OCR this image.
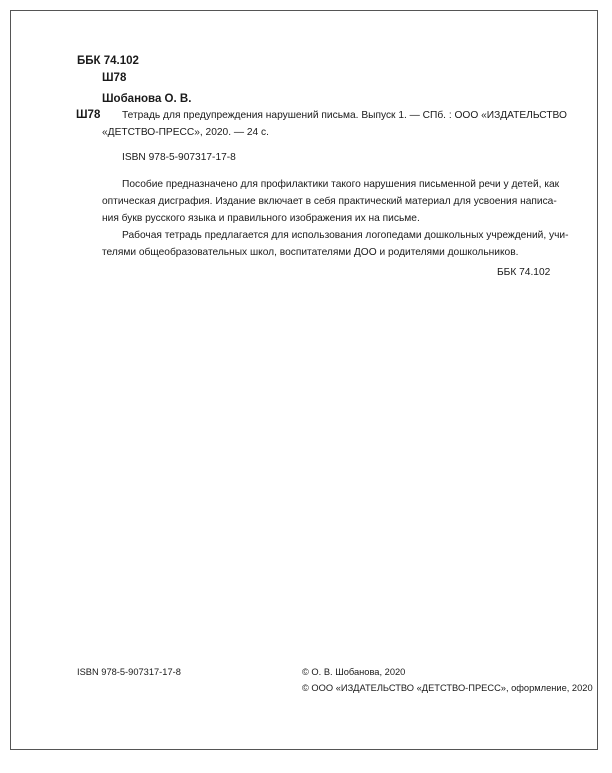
ББК 74.102
Ш78
Ш78
Шобанова О. В.
Тетрадь для предупреждения нарушений письма. Выпуск 1. — СПб. : ООО «ИЗДАТЕЛЬСТВО
«ДЕТСТВО-ПРЕСС», 2020. — 24 с.
ISBN 978-5-907317-17-8
Пособие предназначено для профилактики такого нарушения письменной речи у детей, как
оптическая дисграфия. Издание включает в себя практический материал для усвоения написа-
ния букв русского языка и правильного изображения их на письме.
Рабочая тетрадь предлагается для использования логопедами дошкольных учреждений, учи-
телями общеобразовательных школ, воспитателями ДОО и родителями дошкольников.
ББК 74.102
ISBN 978-5-907317-17-8	© О. В. Шобанова, 2020
© ООО «ИЗДАТЕЛЬСТВО «ДЕТСТВО-ПРЕСС», оформление, 2020
